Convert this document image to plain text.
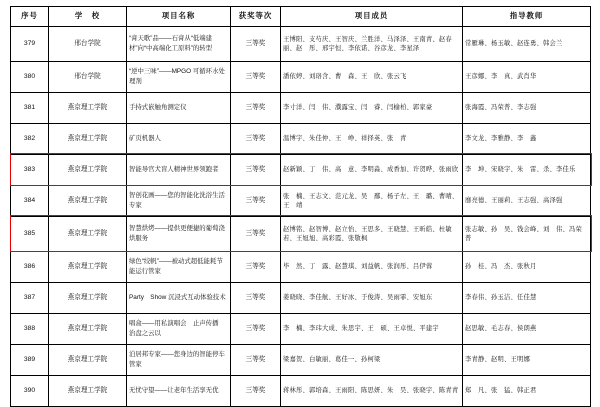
序号	学　校	项目名称	获奖等次	项目成员	指导教师
379	邢台学院	“膏天歌”品——石膏从“低端建材”向“中高端化工原料”的转型	三等奖	王博阳、支芍庆、王智庆、兰胜洋、马泽泽、王南青、赵春丽、赵　彤、邢宇恒、李依诺、谷彦龙、李星泽	常雁琳、杨玉敏、赵连勇、韩会兰
380	邢台学院	“逆中三味”——MPGO 可循环水处理剂	三等奖	潘依婷、刘珞含、曹　森、王　欣、张云飞	王彦娜、李　真、武肖华
381	燕京理工学院	手持式嵌触角测定仪	三等奖	李寸洋、闫　伟、濮露宝、闫　睿、闫榆柏、郭家豪	张海霞、冯荣普、李志强
382	燕京理工学院	矿页机器人	三等奖	温博宇、朱佳仲、王　峥、祥择英、张　青	李文龙、李雅静、李　鑫
383	燕京理工学院	智能导官犬盲人精神世界领跑者	三等奖	赵新颖、丁　伟、高　意、李明淼、成香加、许贺晔、张雨欣	李　坤、宋晓宇、朱　雷、杀、李佳乐
384	燕京理工学院	智创花画——您的智能化洗浴生活专家	三等奖	张　楠、王志文、范元龙、吴　鄢、杨子左、王　璐、曹晴、王　靖	靡亮德、王丽莉、王志强、高泽强
385	燕京理工学院	智慧烘烤——提供更便捷的葡萄浇烘服务	三等奖	赵博铭、赵智博、赵立怡、王思多、王晓慧、王昕皓、杜敏若、王旭旭、高彩霞、张敬枫	张志敏、孙　吴、钱会峰、刘　伟、冯荣普
386	燕京理工学院	绿色“绞帆”——被动式超低能耗节能运行管家	三等奖	毕　然、丁　露、赵慧琪、刘益帆、张润彤、吕伊蓉	孙　桂、冯　杰、张秋月
387	燕京理工学院	Party　Show 沉浸式互动体验技术	三等奖	姜晓晓、李佳航、王好冰、于俊涛、吴雨霏、安旭东	李春伟、孙玉洁、任佳慧
388	燕京理工学院	唱盒——用私演唱会　止声传播　治盘之云以	三等奖	李　楠、李玮大成、朱思宇、王　硕、王卓悦、平建宇	赵思敏、毛志春、侯朗燕
389	燕京理工学院	泊居邦专家——您身边的智能停车管家	三等奖	梁嘉贺、白敏丽、葛佳一、孙柯梁	李青静、赵明、王明娜
390	燕京理工学院	无忧守望——让老年生活享无优	三等奖	蒋林彤、郭培森、王雨阳、陈思妍、朱　昊、张晓宇、陈青青	郑　凡、张　猛、韩正君
